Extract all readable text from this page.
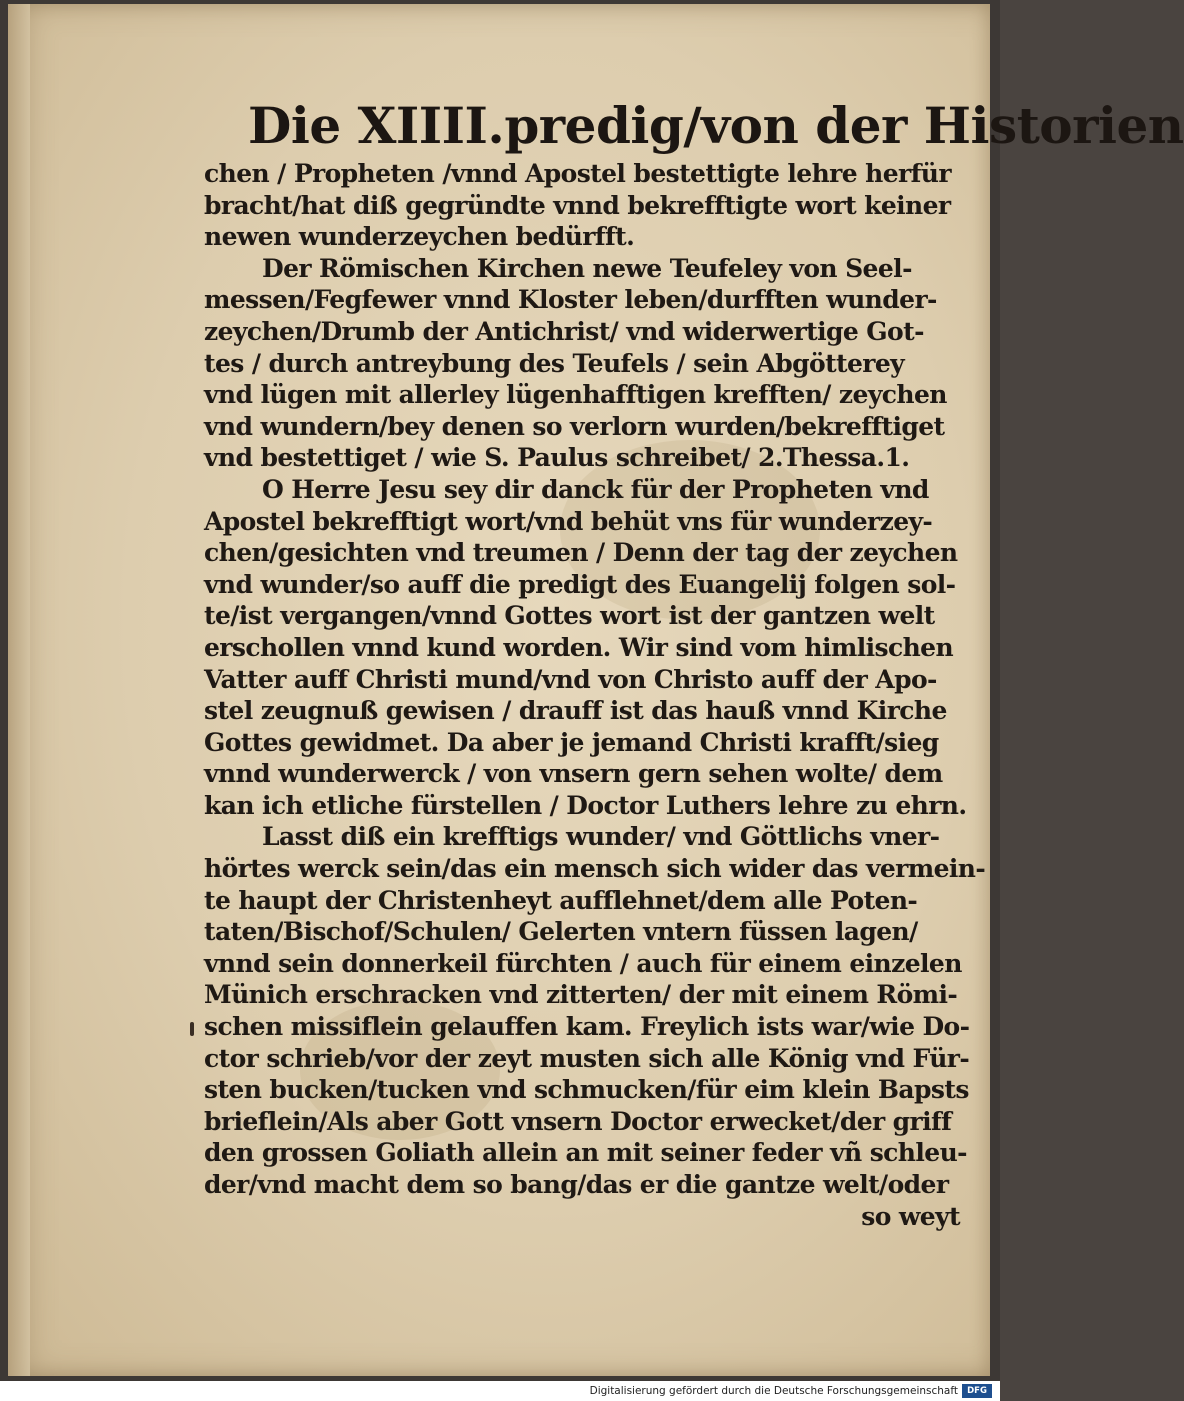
Die XIIII.predig/von der Historien
chen / Propheten /vnnd Apostel bestettigte lehre herfür
bracht/hat diß gegründte vnnd bekrefftigte wort keiner
newen wunderzeychen bedürfft.
Der Römischen Kirchen newe Teufeley von Seel-
messen/Fegfewer vnnd Kloster leben/durfften wunder-
zeychen/Drumb der Antichrist/ vnd widerwertige Got-
tes / durch antreybung des Teufels / sein Abgötterey
vnd lügen mit allerley lügenhafftigen krefften/ zeychen
vnd wundern/bey denen so verlorn wurden/bekrefftiget
vnd bestettiget / wie S. Paulus schreibet/ 2.Thessa.1.
O Herre Jesu sey dir danck für der Propheten vnd
Apostel bekrefftigt wort/vnd behüt vns für wunderzey-
chen/gesichten vnd treumen / Denn der tag der zeychen
vnd wunder/so auff die predigt des Euangelij folgen sol-
te/ist vergangen/vnnd Gottes wort ist der gantzen welt
erschollen vnnd kund worden. Wir sind vom himlischen
Vatter auff Christi mund/vnd von Christo auff der Apo-
stel zeugnuß gewisen / drauff ist das hauß vnnd Kirche
Gottes gewidmet. Da aber je jemand Christi krafft/sieg
vnnd wunderwerck / von vnsern gern sehen wolte/ dem
kan ich etliche fürstellen / Doctor Luthers lehre zu ehrn.
Lasst diß ein krefftigs wunder/ vnd Göttlichs vner-
hörtes werck sein/das ein mensch sich wider das vermein-
te haupt der Christenheyt aufflehnet/dem alle Poten-
taten/Bischof/Schulen/ Gelerten vntern füssen lagen/
vnnd sein donnerkeil fürchten / auch für einem einzelen
Münich erschracken vnd zitterten/ der mit einem Römi-
schen missiflein gelauffen kam. Freylich ists war/wie Do-
ctor schrieb/vor der zeyt musten sich alle König vnd Für-
sten bucken/tucken vnd schmucken/für eim klein Bapsts
brieflein/Als aber Gott vnsern Doctor erwecket/der griff
den grossen Goliath allein an mit seiner feder vñ schleu-
der/vnd macht dem so bang/das er die gantze welt/oder
so weyt
Digitalisierung gefördert durch die Deutsche Forschungsgemeinschaft	DFG
